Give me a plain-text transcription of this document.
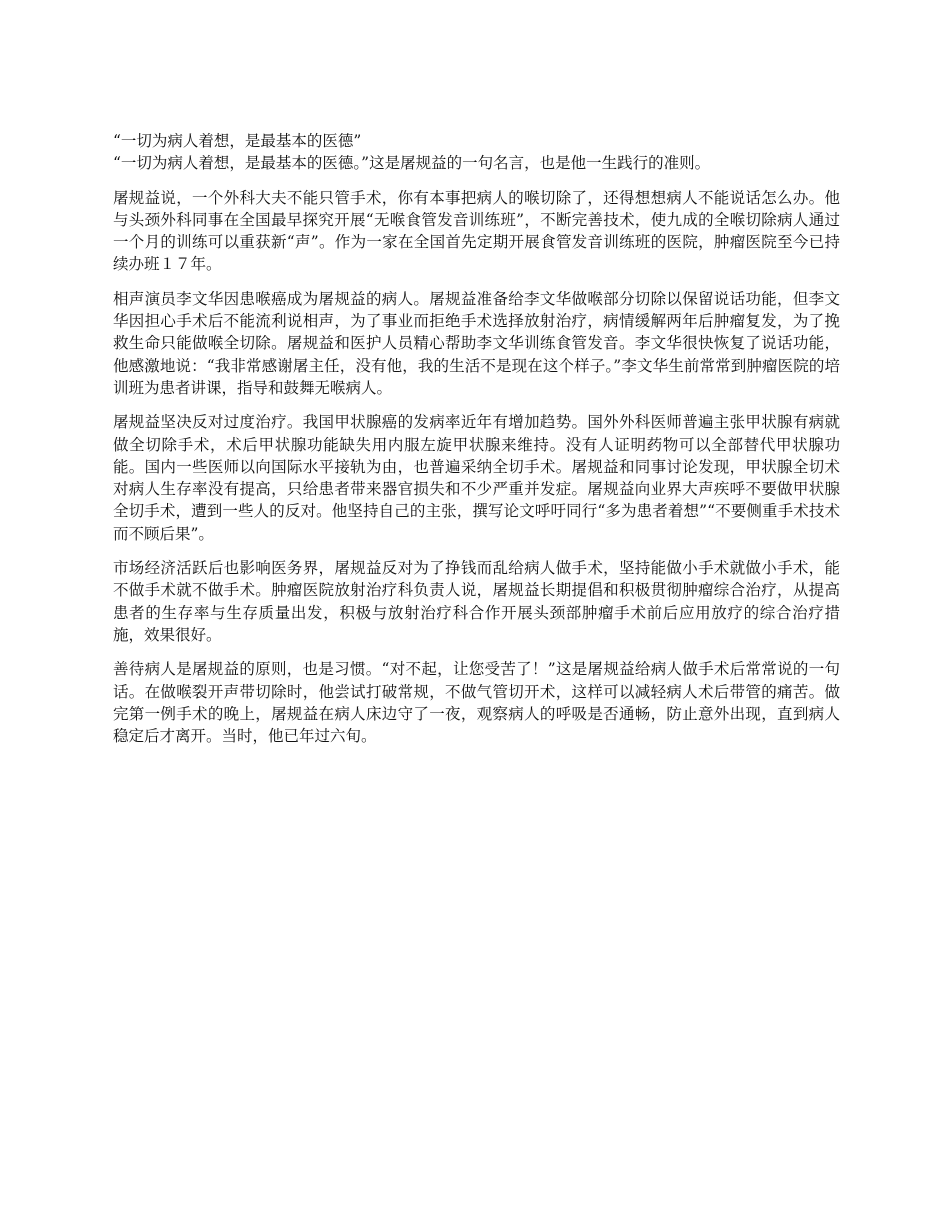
“一切为病人着想，是最基本的医德”

“一切为病人着想，是最基本的医德。”这是屠规益的一句名言，也是他一生践行的准则。

屠规益说，一个外科大夫不能只管手术，你有本事把病人的喉切除了，还得想想病人不能说话怎么办。他与头颈外科同事在全国最早探究开展“无喉食管发音训练班”，不断完善技术，使九成的全喉切除病人通过一个月的训练可以重获新“声”。作为一家在全国首先定期开展食管发音训练班的医院，肿瘤医院至今已持续办班１７年。

相声演员李文华因患喉癌成为屠规益的病人。屠规益准备给李文华做喉部分切除以保留说话功能，但李文华因担心手术后不能流利说相声，为了事业而拒绝手术选择放射治疗，病情缓解两年后肿瘤复发，为了挽救生命只能做喉全切除。屠规益和医护人员精心帮助李文华训练食管发音。李文华很快恢复了说话功能，他感激地说：“我非常感谢屠主任，没有他，我的生活不是现在这个样子。”李文华生前常常到肿瘤医院的培训班为患者讲课，指导和鼓舞无喉病人。

屠规益坚决反对过度治疗。我国甲状腺癌的发病率近年有增加趋势。国外外科医师普遍主张甲状腺有病就做全切除手术，术后甲状腺功能缺失用内服左旋甲状腺来维持。没有人证明药物可以全部替代甲状腺功能。国内一些医师以向国际水平接轨为由，也普遍采纳全切手术。屠规益和同事讨论发现，甲状腺全切术对病人生存率没有提高，只给患者带来器官损失和不少严重并发症。屠规益向业界大声疾呼不要做甲状腺全切手术，遭到一些人的反对。他坚持自己的主张，撰写论文呼吁同行“多为患者着想”“不要侧重手术技术而不顾后果”。

市场经济活跃后也影响医务界，屠规益反对为了挣钱而乱给病人做手术，坚持能做小手术就做小手术，能不做手术就不做手术。肿瘤医院放射治疗科负责人说，屠规益长期提倡和积极贯彻肿瘤综合治疗，从提高患者的生存率与生存质量出发，积极与放射治疗科合作开展头颈部肿瘤手术前后应用放疗的综合治疗措施，效果很好。

善待病人是屠规益的原则，也是习惯。“对不起，让您受苦了！”这是屠规益给病人做手术后常常说的一句话。在做喉裂开声带切除时，他尝试打破常规，不做气管切开术，这样可以减轻病人术后带管的痛苦。做完第一例手术的晚上，屠规益在病人床边守了一夜，观察病人的呼吸是否通畅，防止意外出现，直到病人稳定后才离开。当时，他已年过六旬。
